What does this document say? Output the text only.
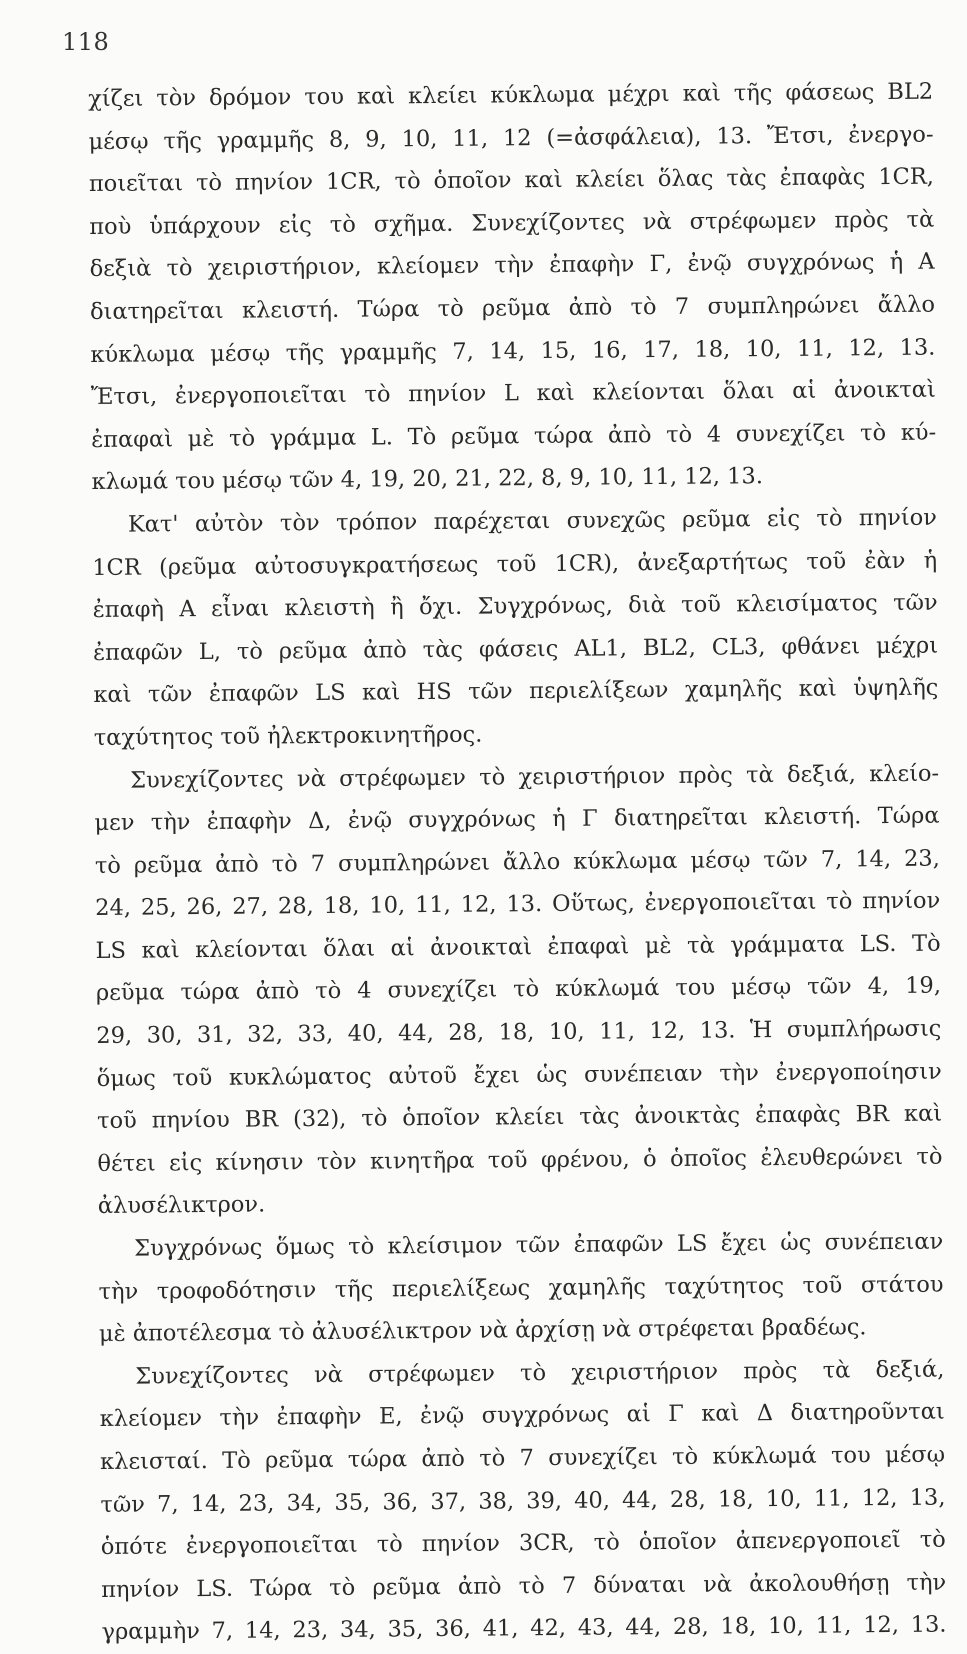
118
χίζει τὸν δρόμον του καὶ κλείει κύκλωμα μέχρι καὶ τῆς φάσεως BL2
μέσῳ τῆς γραμμῆς 8, 9, 10, 11, 12 (=ἀσφάλεια), 13. Ἔτσι, ἐνεργο-
ποιεῖται τὸ πηνίον 1CR, τὸ ὁποῖον καὶ κλείει ὅλας τὰς ἐπαφὰς 1CR,
ποὺ ὑπάρχουν εἰς τὸ σχῆμα. Συνεχίζοντες νὰ στρέφωμεν πρὸς τὰ
δεξιὰ τὸ χειριστήριον, κλείομεν τὴν ἐπαφὴν Γ, ἐνῷ συγχρόνως ἡ Α
διατηρεῖται κλειστή. Τώρα τὸ ρεῦμα ἀπὸ τὸ 7 συμπληρώνει ἄλλο
κύκλωμα μέσῳ τῆς γραμμῆς 7, 14, 15, 16, 17, 18, 10, 11, 12, 13.
Ἔτσι, ἐνεργοποιεῖται τὸ πηνίον L καὶ κλείονται ὅλαι αἱ ἀνοικταὶ
ἐπαφαὶ μὲ τὸ γράμμα L. Τὸ ρεῦμα τώρα ἀπὸ τὸ 4 συνεχίζει τὸ κύ-
κλωμά του μέσῳ τῶν 4, 19, 20, 21, 22, 8, 9, 10, 11, 12, 13.
Κατ' αὐτὸν τὸν τρόπον παρέχεται συνεχῶς ρεῦμα εἰς τὸ πηνίον
1CR (ρεῦμα αὐτοσυγκρατήσεως τοῦ 1CR), ἀνεξαρτήτως τοῦ ἐὰν ἡ
ἐπαφὴ Α εἶναι κλειστὴ ἢ ὄχι. Συγχρόνως, διὰ τοῦ κλεισίματος τῶν
ἐπαφῶν L, τὸ ρεῦμα ἀπὸ τὰς φάσεις AL1, BL2, CL3, φθάνει μέχρι
καὶ τῶν ἐπαφῶν LS καὶ HS τῶν περιελίξεων χαμηλῆς καὶ ὑψηλῆς
ταχύτητος τοῦ ἠλεκτροκινητῆρος.
Συνεχίζοντες νὰ στρέφωμεν τὸ χειριστήριον πρὸς τὰ δεξιά, κλείο-
μεν τὴν ἐπαφὴν Δ, ἐνῷ συγχρόνως ἡ Γ διατηρεῖται κλειστή. Τώρα
τὸ ρεῦμα ἀπὸ τὸ 7 συμπληρώνει ἄλλο κύκλωμα μέσῳ τῶν 7, 14, 23,
24, 25, 26, 27, 28, 18, 10, 11, 12, 13. Οὕτως, ἐνεργοποιεῖται τὸ πηνίον
LS καὶ κλείονται ὅλαι αἱ ἀνοικταὶ ἐπαφαὶ μὲ τὰ γράμματα LS. Τὸ
ρεῦμα τώρα ἀπὸ τὸ 4 συνεχίζει τὸ κύκλωμά του μέσῳ τῶν 4, 19,
29, 30, 31, 32, 33, 40, 44, 28, 18, 10, 11, 12, 13. Ἡ συμπλήρωσις
ὅμως τοῦ κυκλώματος αὐτοῦ ἔχει ὡς συνέπειαν τὴν ἐνεργοποίησιν
τοῦ πηνίου BR (32), τὸ ὁποῖον κλείει τὰς ἀνοικτὰς ἐπαφὰς BR καὶ
θέτει εἰς κίνησιν τὸν κινητῆρα τοῦ φρένου, ὁ ὁποῖος ἐλευθερώνει τὸ
ἀλυσέλικτρον.
Συγχρόνως ὅμως τὸ κλείσιμον τῶν ἐπαφῶν LS ἔχει ὡς συνέπειαν
τὴν τροφοδότησιν τῆς περιελίξεως χαμηλῆς ταχύτητος τοῦ στάτου
μὲ ἀποτέλεσμα τὸ ἀλυσέλικτρον νὰ ἀρχίσῃ νὰ στρέφεται βραδέως.
Συνεχίζοντες νὰ στρέφωμεν τὸ χειριστήριον πρὸς τὰ δεξιά,
κλείομεν τὴν ἐπαφὴν Ε, ἐνῷ συγχρόνως αἱ Γ καὶ Δ διατηροῦνται
κλεισταί. Τὸ ρεῦμα τώρα ἀπὸ τὸ 7 συνεχίζει τὸ κύκλωμά του μέσῳ
τῶν 7, 14, 23, 34, 35, 36, 37, 38, 39, 40, 44, 28, 18, 10, 11, 12, 13,
ὁπότε ἐνεργοποιεῖται τὸ πηνίον 3CR, τὸ ὁποῖον ἀπενεργοποιεῖ τὸ
πηνίον LS. Τώρα τὸ ρεῦμα ἀπὸ τὸ 7 δύναται νὰ ἀκολουθήσῃ τὴν
γραμμὴν 7, 14, 23, 34, 35, 36, 41, 42, 43, 44, 28, 18, 10, 11, 12, 13.
